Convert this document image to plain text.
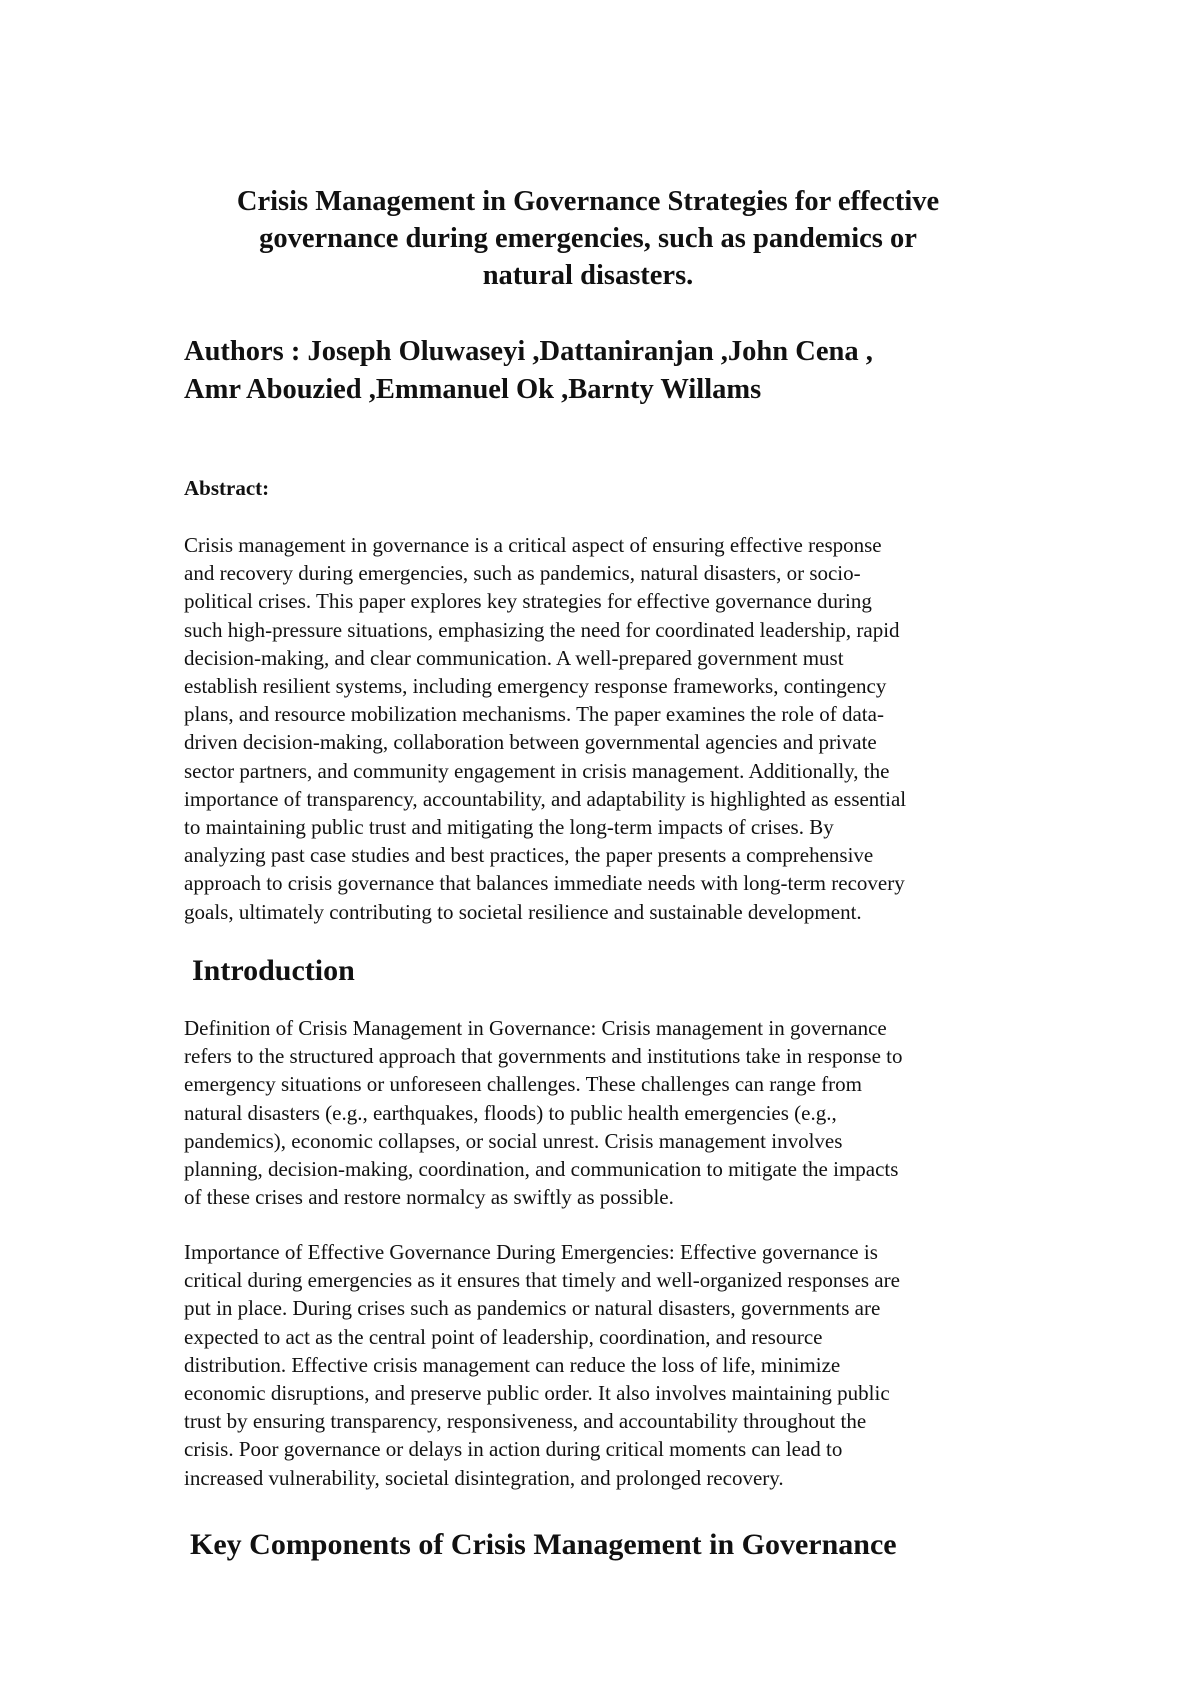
Crisis Management in Governance Strategies for effective
governance during emergencies, such as pandemics or
natural disasters.
Authors : Joseph Oluwaseyi ,Dattaniranjan ,John Cena ,
Amr Abouzied ,Emmanuel Ok ,Barnty Willams
Abstract:

Crisis management in governance is a critical aspect of ensuring effective response
and recovery during emergencies, such as pandemics, natural disasters, or socio-
political crises. This paper explores key strategies for effective governance during
such high-pressure situations, emphasizing the need for coordinated leadership, rapid
decision-making, and clear communication. A well-prepared government must
establish resilient systems, including emergency response frameworks, contingency
plans, and resource mobilization mechanisms. The paper examines the role of data-
driven decision-making, collaboration between governmental agencies and private
sector partners, and community engagement in crisis management. Additionally, the
importance of transparency, accountability, and adaptability is highlighted as essential
to maintaining public trust and mitigating the long-term impacts of crises. By
analyzing past case studies and best practices, the paper presents a comprehensive
approach to crisis governance that balances immediate needs with long-term recovery
goals, ultimately contributing to societal resilience and sustainable development.

Introduction

Definition of Crisis Management in Governance: Crisis management in governance
refers to the structured approach that governments and institutions take in response to
emergency situations or unforeseen challenges. These challenges can range from
natural disasters (e.g., earthquakes, floods) to public health emergencies (e.g.,
pandemics), economic collapses, or social unrest. Crisis management involves
planning, decision-making, coordination, and communication to mitigate the impacts
of these crises and restore normalcy as swiftly as possible.

Importance of Effective Governance During Emergencies: Effective governance is
critical during emergencies as it ensures that timely and well-organized responses are
put in place. During crises such as pandemics or natural disasters, governments are
expected to act as the central point of leadership, coordination, and resource
distribution. Effective crisis management can reduce the loss of life, minimize
economic disruptions, and preserve public order. It also involves maintaining public
trust by ensuring transparency, responsiveness, and accountability throughout the
crisis. Poor governance or delays in action during critical moments can lead to
increased vulnerability, societal disintegration, and prolonged recovery.

Key Components of Crisis Management in Governance
